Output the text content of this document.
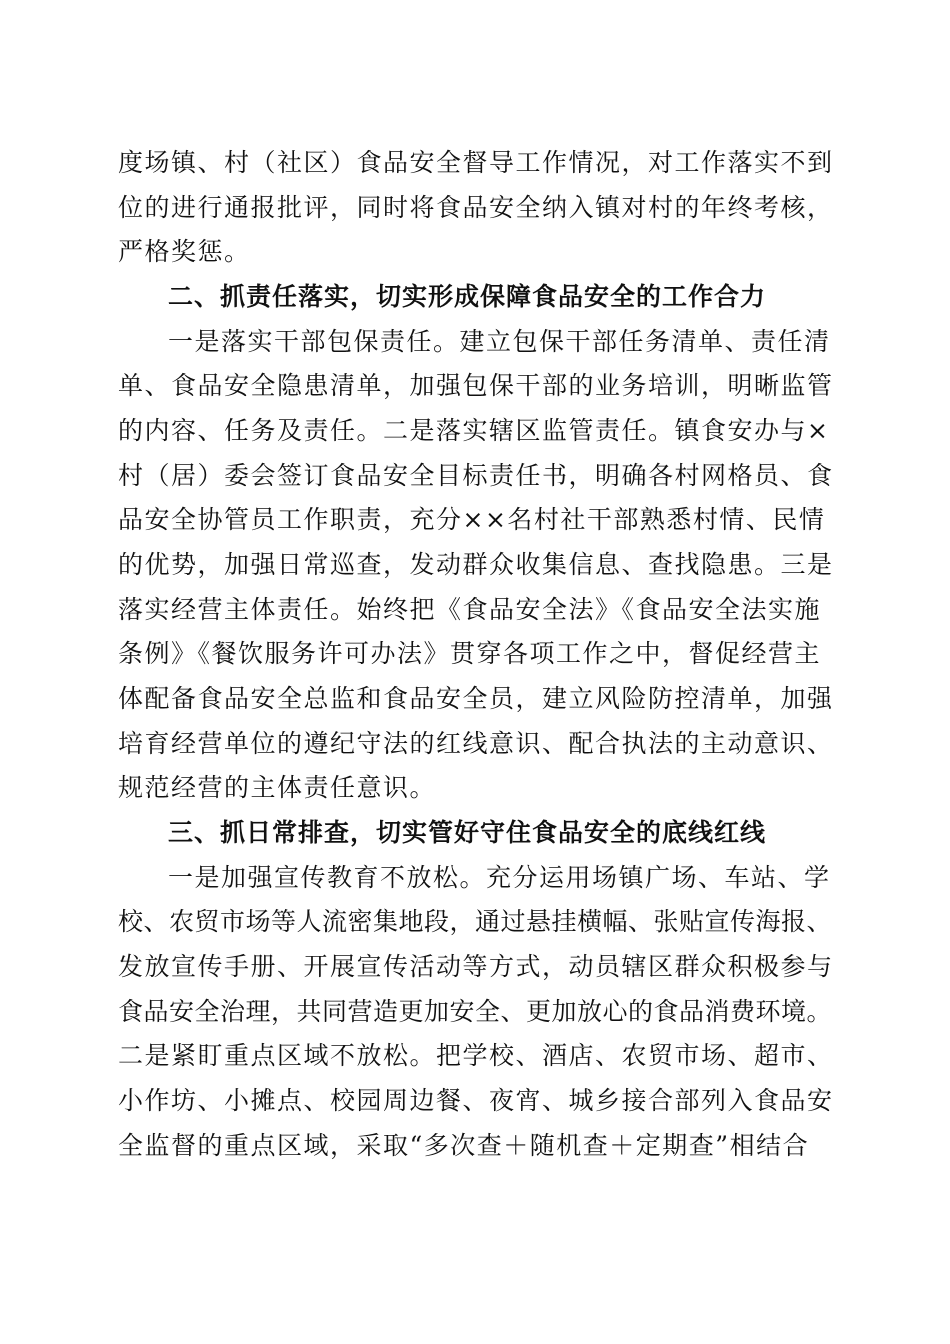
度场镇、村（社区）食品安全督导工作情况，对工作落实不到
位的进行通报批评，同时将食品安全纳入镇对村的年终考核，
严格奖惩。
二、抓责任落实，切实形成保障食品安全的工作合力
一是落实干部包保责任。建立包保干部任务清单、责任清
单、食品安全隐患清单，加强包保干部的业务培训，明晰监管
的内容、任务及责任。二是落实辖区监管责任。镇食安办与×
村（居）委会签订食品安全目标责任书，明确各村网格员、食
品安全协管员工作职责，充分××名村社干部熟悉村情、民情
的优势，加强日常巡查，发动群众收集信息、查找隐患。三是
落实经营主体责任。始终把《食品安全法》《食品安全法实施
条例》《餐饮服务许可办法》贯穿各项工作之中，督促经营主
体配备食品安全总监和食品安全员，建立风险防控清单，加强
培育经营单位的遵纪守法的红线意识、配合执法的主动意识、
规范经营的主体责任意识。
三、抓日常排查，切实管好守住食品安全的底线红线
一是加强宣传教育不放松。充分运用场镇广场、车站、学
校、农贸市场等人流密集地段，通过悬挂横幅、张贴宣传海报、
发放宣传手册、开展宣传活动等方式，动员辖区群众积极参与
食品安全治理，共同营造更加安全、更加放心的食品消费环境。
二是紧盯重点区域不放松。把学校、酒店、农贸市场、超市、
小作坊、小摊点、校园周边餐、夜宵、城乡接合部列入食品安
全监督的重点区域，采取“多次查＋随机查＋定期查”相结合
